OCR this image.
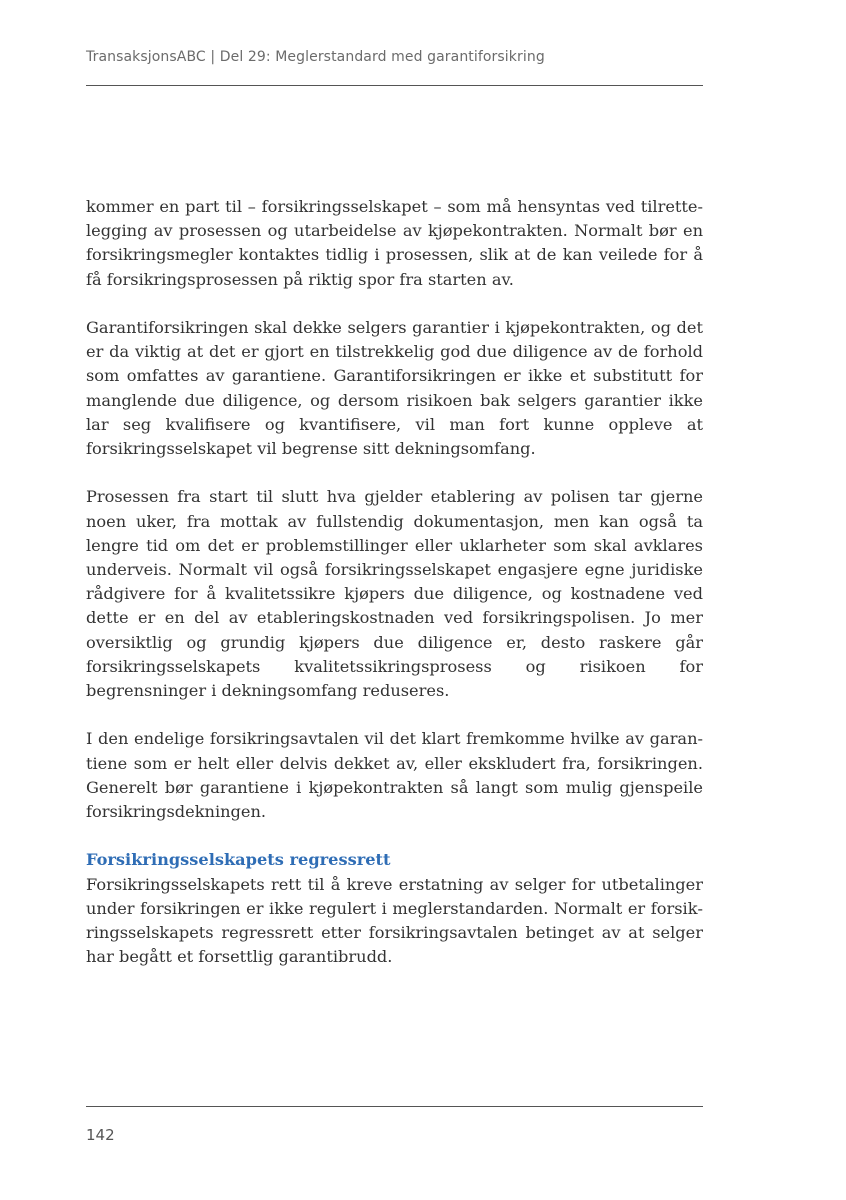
TransaksjonsABC | Del 29: Meglerstandard med garantiforsikring

kommer en part til – forsikringsselskapet – som må hensyntas ved tilrettelegging av prosessen og utarbeidelse av kjøpekontrakten. Normalt bør en forsikringsmegler kontaktes tidlig i prosessen, slik at de kan veilede for å få forsikringsprosessen på riktig spor fra starten av.

Garantiforsikringen skal dekke selgers garantier i kjøpekontrakten, og det er da viktig at det er gjort en tilstrekkelig god due diligence av de forhold som omfattes av garantiene. Garantiforsikringen er ikke et substitutt for manglende due diligence, og dersom risikoen bak selgers garantier ikke lar seg kvalifisere og kvantifisere, vil man fort kunne oppleve at forsikringsselskapet vil begrense sitt dekningsomfang.

Prosessen fra start til slutt hva gjelder etablering av polisen tar gjerne noen uker, fra mottak av fullstendig dokumentasjon, men kan også ta lengre tid om det er problemstillinger eller uklarheter som skal avklares underveis. Normalt vil også forsikringsselskapet engasjere egne juridiske rådgivere for å kvalitetssikre kjøpers due diligence, og kostnadene ved dette er en del av etableringskostnaden ved forsikringspolisen. Jo mer oversiktlig og grundig kjøpers due diligence er, desto raskere går forsikringsselskapets kvalitetssikringsprosess og risikoen for begrensninger i dekningsomfang reduseres.

I den endelige forsikringsavtalen vil det klart fremkomme hvilke av garantiene som er helt eller delvis dekket av, eller ekskludert fra, forsikringen. Generelt bør garantiene i kjøpekontrakten så langt som mulig gjenspeile forsikringsdekningen.

Forsikringsselskapets regressrett

Forsikringsselskapets rett til å kreve erstatning av selger for utbetalinger under forsikringen er ikke regulert i meglerstandarden. Normalt er forsikringsselskapets regressrett etter forsikringsavtalen betinget av at selger har begått et forsettlig garantibrudd.

142
